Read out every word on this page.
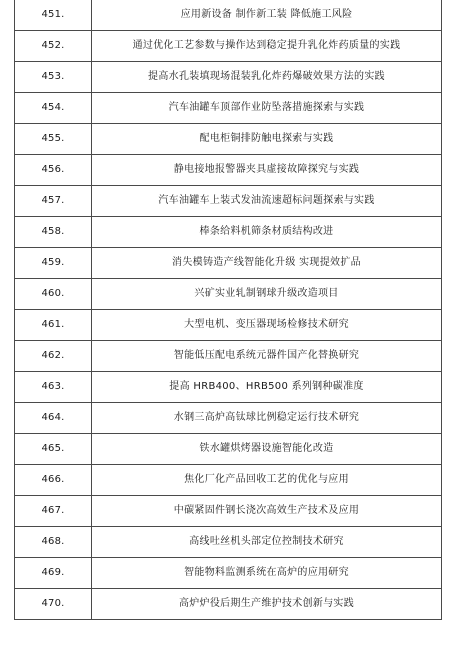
451.	应用新设备 制作新工装 降低施工风险
452.	通过优化工艺参数与操作达到稳定提升乳化炸药质量的实践
453.	提高水孔装填现场混装乳化炸药爆破效果方法的实践
454.	汽车油罐车顶部作业防坠落措施探索与实践
455.	配电柜铜排防触电探索与实践
456.	静电接地报警器夹具虚接故障探究与实践
457.	汽车油罐车上装式发油流速超标问题探索与实践
458.	棒条给料机筛条材质结构改进
459.	消失模铸造产线智能化升级 实现提效扩品
460.	兴矿实业轧制钢球升级改造项目
461.	大型电机、变压器现场检修技术研究
462.	智能低压配电系统元器件国产化替换研究
463.	提高 HRB400、HRB500 系列钢种碳准度
464.	水钢三高炉高钛球比例稳定运行技术研究
465.	铁水罐烘烤器设施智能化改造
466.	焦化厂化产品回收工艺的优化与应用
467.	中碳紧固件钢长浇次高效生产技术及应用
468.	高线吐丝机头部定位控制技术研究
469.	智能物料监测系统在高炉的应用研究
470.	高炉炉役后期生产维护技术创新与实践
